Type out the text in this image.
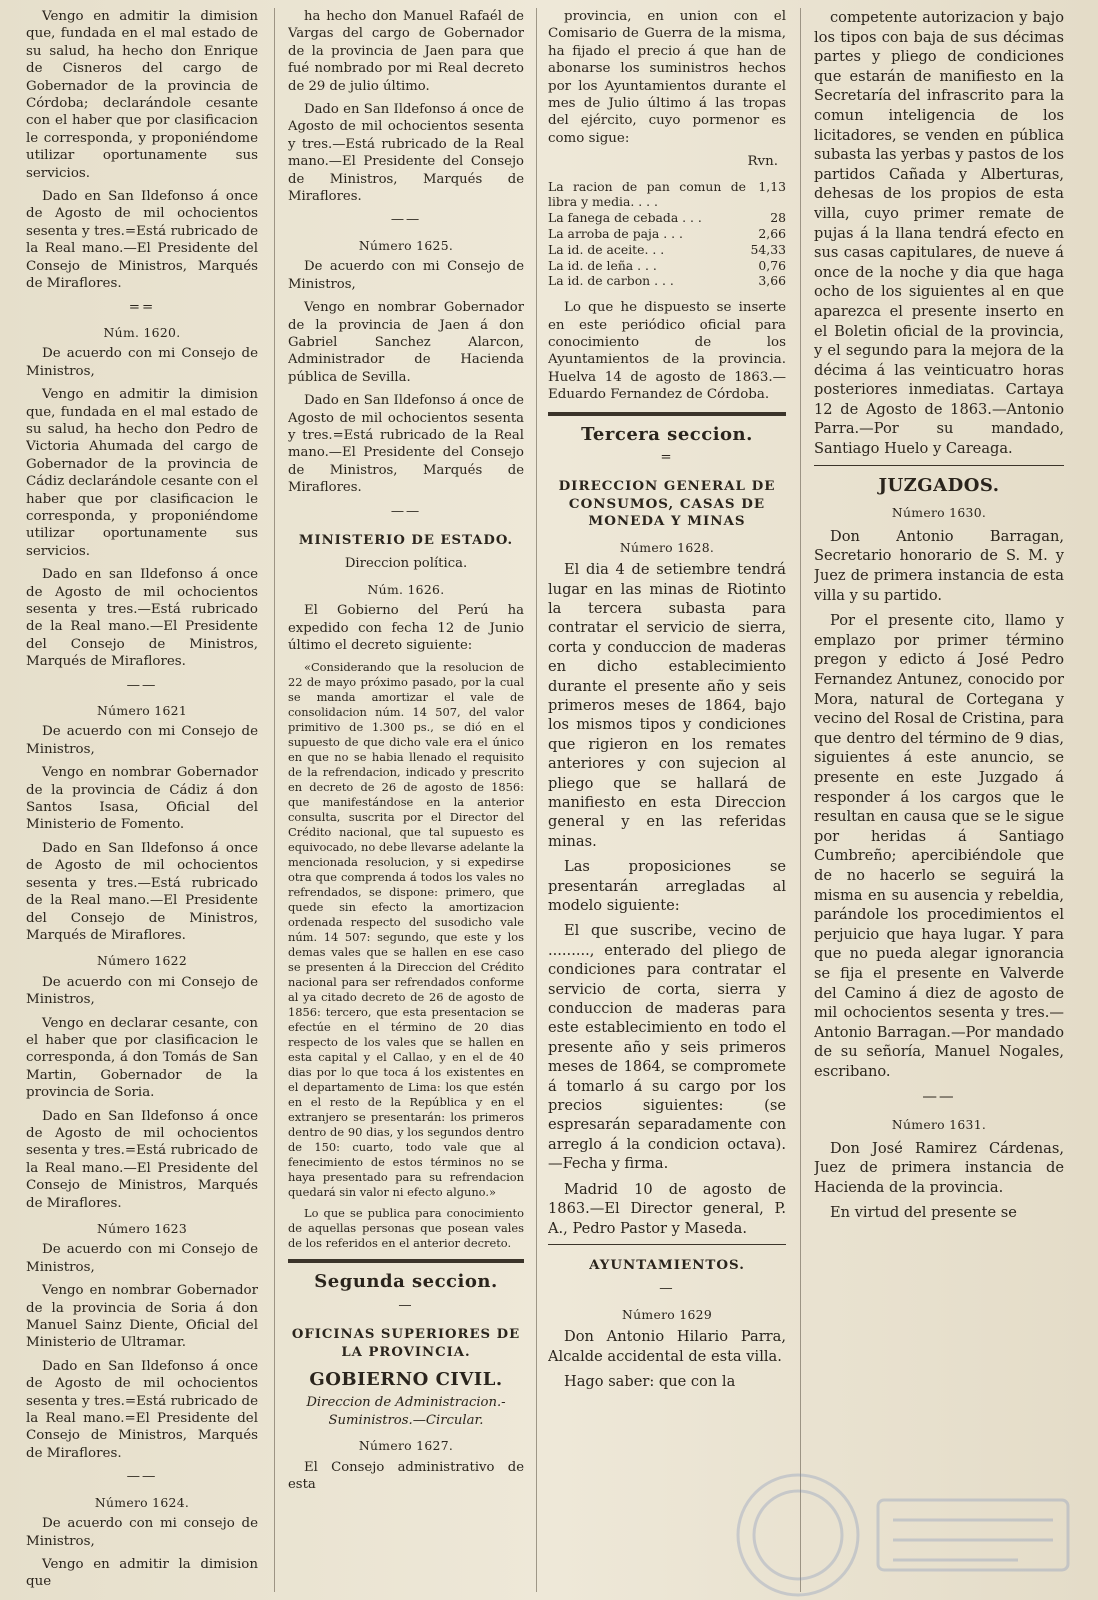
Vengo en admitir la dimision que, fundada en el mal estado de su salud, ha hecho don Enrique de Cisneros del cargo de Gobernador de la provincia de Córdoba; declarándole cesante con el haber que por clasificacion le corresponda, y proponiéndome utilizar oportunamente sus servicios.

Dado en San Ildefonso á once de Agosto de mil ochocientos sesenta y tres.=Está rubricado de la Real mano.—El Presidente del Consejo de Ministros, Marqués de Miraflores.

==
Núm. 1620.

De acuerdo con mi Consejo de Ministros,

Vengo en admitir la dimision que, fundada en el mal estado de su salud, ha hecho don Pedro de Victoria Ahumada del cargo de Gobernador de la provincia de Cádiz declarándole cesante con el haber que por clasificacion le corresponda, y proponiéndome utilizar oportunamente sus servicios.

Dado en san Ildefonso á once de Agosto de mil ochocientos sesenta y tres.—Está rubricado de la Real mano.—El Presidente del Consejo de Ministros, Marqués de Miraflores.

——
Número 1621

De acuerdo con mi Consejo de Ministros,

Vengo en nombrar Gobernador de la provincia de Cádiz á don Santos Isasa, Oficial del Ministerio de Fomento.

Dado en San Ildefonso á once de Agosto de mil ochocientos sesenta y tres.—Está rubricado de la Real mano.—El Presidente del Consejo de Ministros, Marqués de Miraflores.

Número 1622

De acuerdo con mi Consejo de Ministros,

Vengo en declarar cesante, con el haber que por clasificacion le corresponda, á don Tomás de San Martin, Gobernador de la provincia de Soria.

Dado en San Ildefonso á once de Agosto de mil ochocientos sesenta y tres.=Está rubricado de la Real mano.—El Presidente del Consejo de Ministros, Marqués de Miraflores.

Número 1623

De acuerdo con mi Consejo de Ministros,

Vengo en nombrar Gobernador de la provincia de Soria á don Manuel Sainz Diente, Oficial del Ministerio de Ultramar.

Dado en San Ildefonso á once de Agosto de mil ochocientos sesenta y tres.=Está rubricado de la Real mano.=El Presidente del Consejo de Ministros, Marqués de Miraflores.

——
Número 1624.

De acuerdo con mi consejo de Ministros,

Vengo en admitir la dimision que

ha hecho don Manuel Rafaél de Vargas del cargo de Gobernador de la provincia de Jaen para que fué nombrado por mi Real decreto de 29 de julio último.

Dado en San Ildefonso á once de Agosto de mil ochocientos sesenta y tres.—Está rubricado de la Real mano.—El Presidente del Consejo de Ministros, Marqués de Miraflores.

——
Número 1625.

De acuerdo con mi Consejo de Ministros,

Vengo en nombrar Gobernador de la provincia de Jaen á don Gabriel Sanchez Alarcon, Administrador de Hacienda pública de Sevilla.

Dado en San Ildefonso á once de Agosto de mil ochocientos sesenta y tres.=Está rubricado de la Real mano.—El Presidente del Consejo de Ministros, Marqués de Miraflores.

——
MINISTERIO DE ESTADO.
Direccion política.
Núm. 1626.

El Gobierno del Perú ha expedido con fecha 12 de Junio último el decreto siguiente:

«Considerando que la resolucion de 22 de mayo próximo pasado, por la cual se manda amortizar el vale de consolidacion núm. 14 507, del valor primitivo de 1.300 ps., se dió en el supuesto de que dicho vale era el único en que no se habia llenado el requisito de la refrendacion, indicado y prescrito en decreto de 26 de agosto de 1856: que manifestándose en la anterior consulta, suscrita por el Director del Crédito nacional, que tal supuesto es equivocado, no debe llevarse adelante la mencionada resolucion, y si expedirse otra que comprenda á todos los vales no refrendados, se dispone: primero, que quede sin efecto la amortizacion ordenada respecto del susodicho vale núm. 14 507: segundo, que este y los demas vales que se hallen en ese caso se presenten á la Direccion del Crédito nacional para ser refrendados conforme al ya citado decreto de 26 de agosto de 1856: tercero, que esta presentacion se efectúe en el término de 20 dias respecto de los vales que se hallen en esta capital y el Callao, y en el de 40 dias por lo que toca á los existentes en el departamento de Lima: los que estén en el resto de la República y en el extranjero se presentarán: los primeros dentro de 90 dias, y los segundos dentro de 150: cuarto, todo vale que al fenecimiento de estos términos no se haya presentado para su refrendacion quedará sin valor ni efecto alguno.»

Lo que se publica para conocimiento de aquellas personas que posean vales de los referidos en el anterior decreto.

Segunda seccion.
—
OFICINAS SUPERIORES DE LA PROVINCIA.
GOBIERNO CIVIL.
Direccion de Administracion.-Suministros.—Circular.
Número 1627.

El Consejo administrativo de esta

provincia, en union con el Comisario de Guerra de la misma, ha fijado el precio á que han de abonarse los suministros hechos por los Ayuntamientos durante el mes de Julio último á las tropas del ejército, cuyo pormenor es como sigue:

Rvn.
La racion de pan comun de libra y media. . . .	1,13
La fanega de cebada . . .	28
La arroba de paja . . .	2,66
La id. de aceite. . .	54,33
La id. de leña . . .	0,76
La id. de carbon . . .	3,66

Lo que he dispuesto se inserte en este periódico oficial para conocimiento de los Ayuntamientos de la provincia. Huelva 14 de agosto de 1863.—Eduardo Fernandez de Córdoba.

Tercera seccion.
=
DIRECCION GENERAL DE CONSUMOS, CASAS DE MONEDA Y MINAS
Número 1628.

El dia 4 de setiembre tendrá lugar en las minas de Riotinto la tercera subasta para contratar el servicio de sierra, corta y conduccion de maderas en dicho establecimiento durante el presente año y seis primeros meses de 1864, bajo los mismos tipos y condiciones que rigieron en los remates anteriores y con sujecion al pliego que se hallará de manifiesto en esta Direccion general y en las referidas minas.

Las proposiciones se presentarán arregladas al modelo siguiente:

El que suscribe, vecino de ........., enterado del pliego de condiciones para contratar el servicio de corta, sierra y conduccion de maderas para este establecimiento en todo el presente año y seis primeros meses de 1864, se compromete á tomarlo á su cargo por los precios siguientes: (se espresarán separadamente con arreglo á la condicion octava). —Fecha y firma.

Madrid 10 de agosto de 1863.—El Director general, P. A., Pedro Pastor y Maseda.

AYUNTAMIENTOS.
—
Número 1629

Don Antonio Hilario Parra, Alcalde accidental de esta villa.

Hago saber: que con la

competente autorizacion y bajo los tipos con baja de sus décimas partes y pliego de condiciones que estarán de manifiesto en la Secretaría del infrascrito para la comun inteligencia de los licitadores, se venden en pública subasta las yerbas y pastos de los partidos Cañada y Alberturas, dehesas de los propios de esta villa, cuyo primer remate de pujas á la llana tendrá efecto en sus casas capitulares, de nueve á once de la noche y dia que haga ocho de los siguientes al en que aparezca el presente inserto en el Boletin oficial de la provincia, y el segundo para la mejora de la décima á las veinticuatro horas posteriores inmediatas. Cartaya 12 de Agosto de 1863.—Antonio Parra.—Por su mandado, Santiago Huelo y Careaga.

JUZGADOS.
Número 1630.

Don Antonio Barragan, Secretario honorario de S. M. y Juez de primera instancia de esta villa y su partido.

Por el presente cito, llamo y emplazo por primer término pregon y edicto á José Pedro Fernandez Antunez, conocido por Mora, natural de Cortegana y vecino del Rosal de Cristina, para que dentro del término de 9 dias, siguientes á este anuncio, se presente en este Juzgado á responder á los cargos que le resultan en causa que se le sigue por heridas á Santiago Cumbreño; apercibiéndole que de no hacerlo se seguirá la misma en su ausencia y rebeldia, parándole los procedimientos el perjuicio que haya lugar. Y para que no pueda alegar ignorancia se fija el presente en Valverde del Camino á diez de agosto de mil ochocientos sesenta y tres.—Antonio Barragan.—Por mandado de su señoría, Manuel Nogales, escribano.

——
Número 1631.

Don José Ramirez Cárdenas, Juez de primera instancia de Hacienda de la provincia.

En virtud del presente se
